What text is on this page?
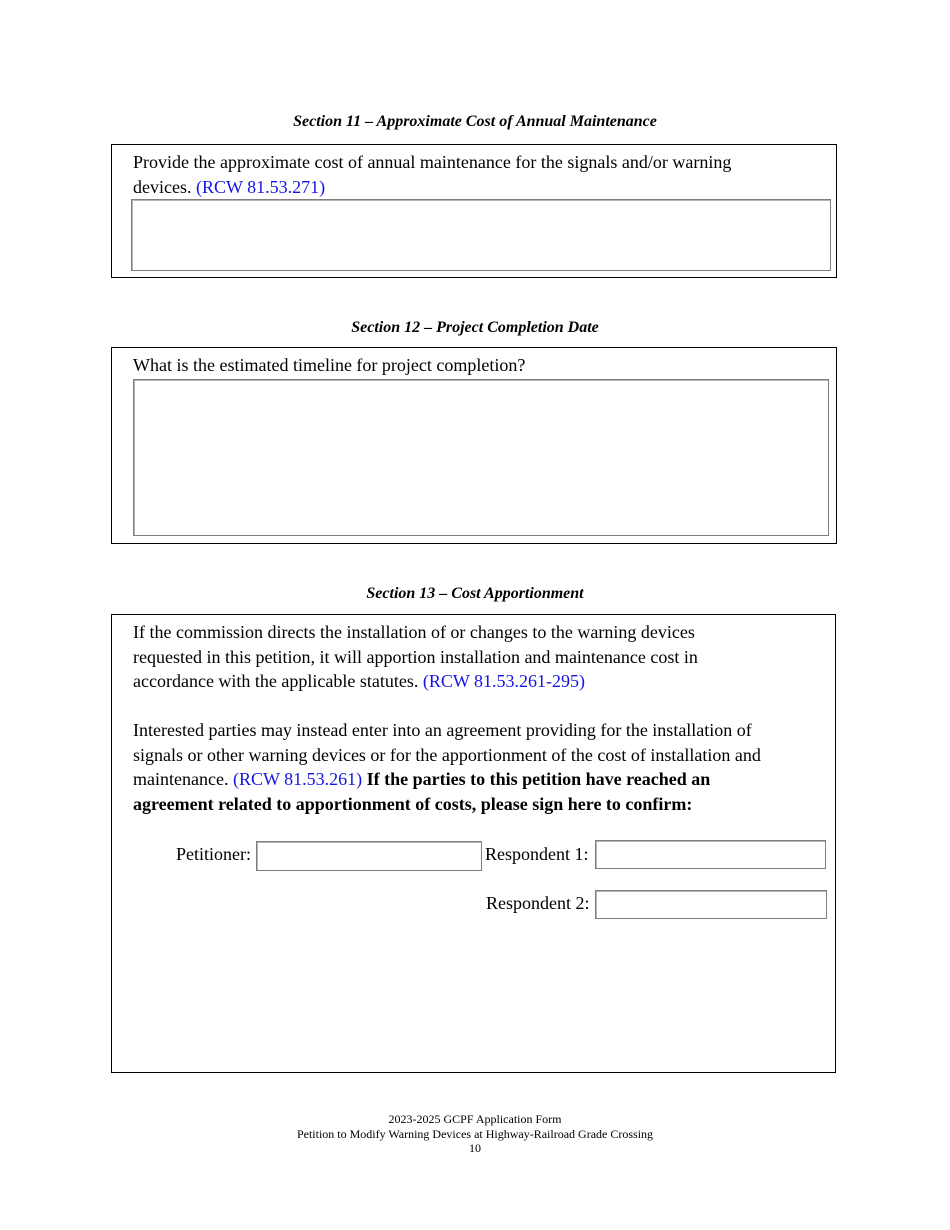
Section 11 – Approximate Cost of Annual Maintenance
Provide the approximate cost of annual maintenance for the signals and/or warning devices. (RCW 81.53.271)
Section 12 – Project Completion Date
What is the estimated timeline for project completion?
Section 13 – Cost Apportionment
If the commission directs the installation of or changes to the warning devices requested in this petition, it will apportion installation and maintenance cost in accordance with the applicable statutes. (RCW 81.53.261-295)
Interested parties may instead enter into an agreement providing for the installation of signals or other warning devices or for the apportionment of the cost of installation and maintenance. (RCW 81.53.261) If the parties to this petition have reached an agreement related to apportionment of costs, please sign here to confirm:
Petitioner:	Respondent 1:
Respondent 2:
2023-2025 GCPF Application Form
Petition to Modify Warning Devices at Highway-Railroad Grade Crossing
10
